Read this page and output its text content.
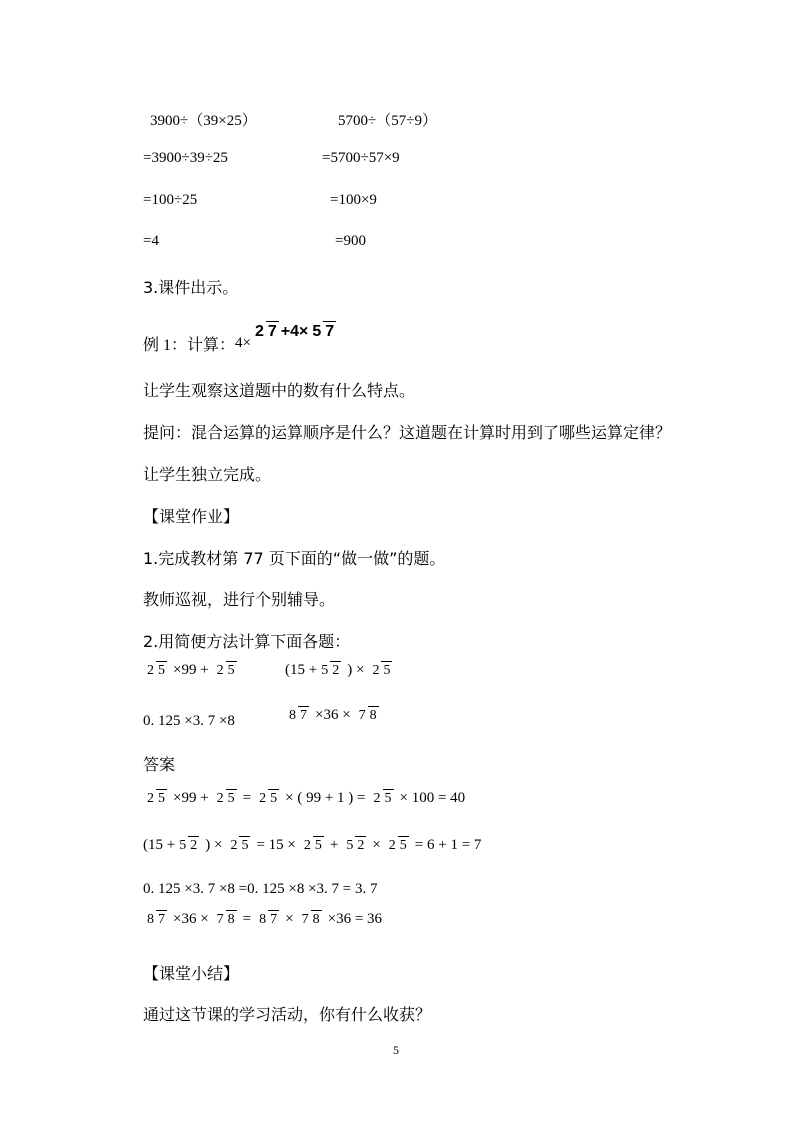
3900÷（39×25）	5700÷（57÷9）
=3900÷39÷25	=5700÷57×9
=100÷25	=100×9
=4	=900
3.课件出示。
例 1：计算： 4×
2 7 +4× 5 7
让学生观察这道题中的数有什么特点。
提问：混合运算的运算顺序是什么？这道题在计算时用到了哪些运算定律？
让学生独立完成。
【课堂作业】
1.完成教材第 77 页下面的“做一做”的题。
教师巡视，进行个别辅导。
2.用简便方法计算下面各题：
2 5 ×99 + 2 5	(15 + 5 2 ) × 2 5
0. 125 ×3. 7 ×8	8 7 ×36 × 7 8
答案
2 5 ×99 + 2 5 = 2 5 × ( 99 + 1 ) = 2 5 × 100 = 40
(15 + 5 2 ) × 2 5 = 15 × 2 5 + 5 2 × 2 5 = 6 + 1 = 7
0. 125 ×3. 7 ×8 =0. 125 ×8 ×3. 7 = 3. 7
8 7 ×36 × 7 8 = 8 7 × 7 8 ×36 = 36
【课堂小结】
通过这节课的学习活动，你有什么收获？
5
